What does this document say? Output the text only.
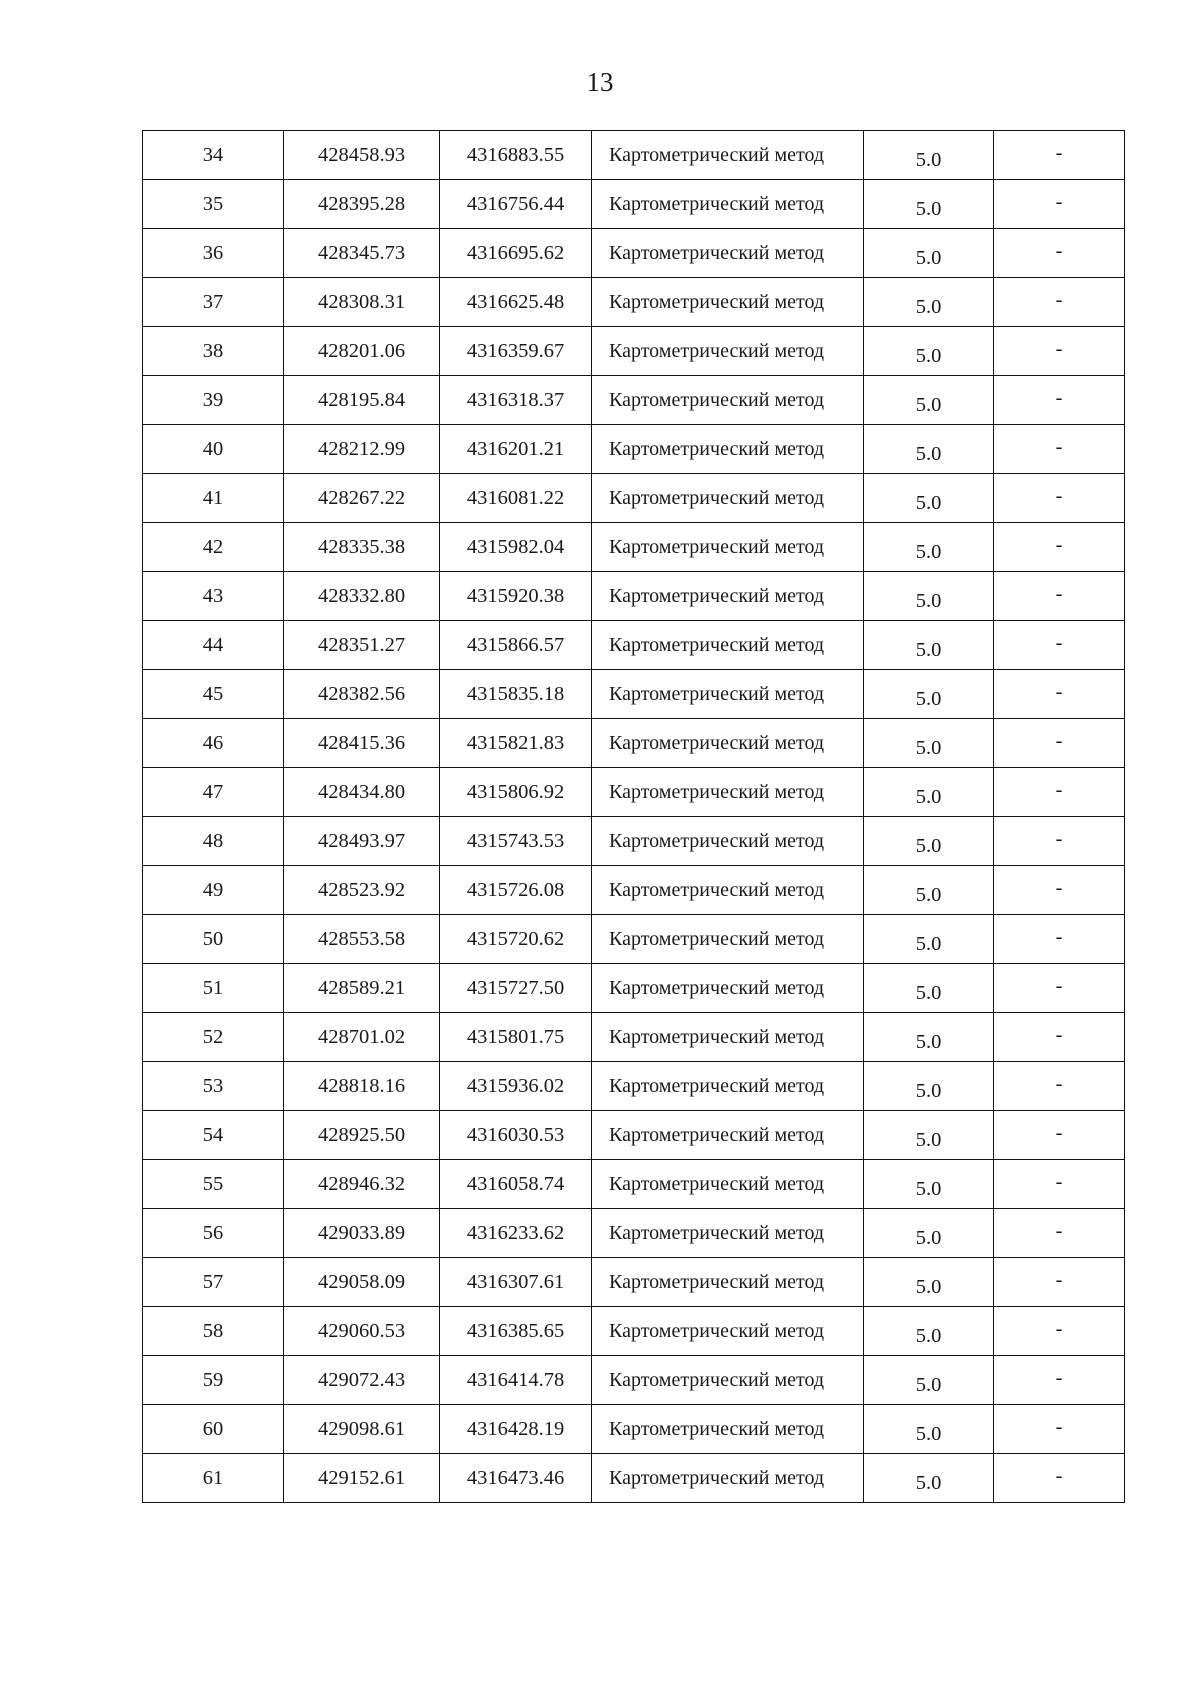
13
34	428458.93	4316883.55	Картометрический метод	5.0	-
35	428395.28	4316756.44	Картометрический метод	5.0	-
36	428345.73	4316695.62	Картометрический метод	5.0	-
37	428308.31	4316625.48	Картометрический метод	5.0	-
38	428201.06	4316359.67	Картометрический метод	5.0	-
39	428195.84	4316318.37	Картометрический метод	5.0	-
40	428212.99	4316201.21	Картометрический метод	5.0	-
41	428267.22	4316081.22	Картометрический метод	5.0	-
42	428335.38	4315982.04	Картометрический метод	5.0	-
43	428332.80	4315920.38	Картометрический метод	5.0	-
44	428351.27	4315866.57	Картометрический метод	5.0	-
45	428382.56	4315835.18	Картометрический метод	5.0	-
46	428415.36	4315821.83	Картометрический метод	5.0	-
47	428434.80	4315806.92	Картометрический метод	5.0	-
48	428493.97	4315743.53	Картометрический метод	5.0	-
49	428523.92	4315726.08	Картометрический метод	5.0	-
50	428553.58	4315720.62	Картометрический метод	5.0	-
51	428589.21	4315727.50	Картометрический метод	5.0	-
52	428701.02	4315801.75	Картометрический метод	5.0	-
53	428818.16	4315936.02	Картометрический метод	5.0	-
54	428925.50	4316030.53	Картометрический метод	5.0	-
55	428946.32	4316058.74	Картометрический метод	5.0	-
56	429033.89	4316233.62	Картометрический метод	5.0	-
57	429058.09	4316307.61	Картометрический метод	5.0	-
58	429060.53	4316385.65	Картометрический метод	5.0	-
59	429072.43	4316414.78	Картометрический метод	5.0	-
60	429098.61	4316428.19	Картометрический метод	5.0	-
61	429152.61	4316473.46	Картометрический метод	5.0	-
